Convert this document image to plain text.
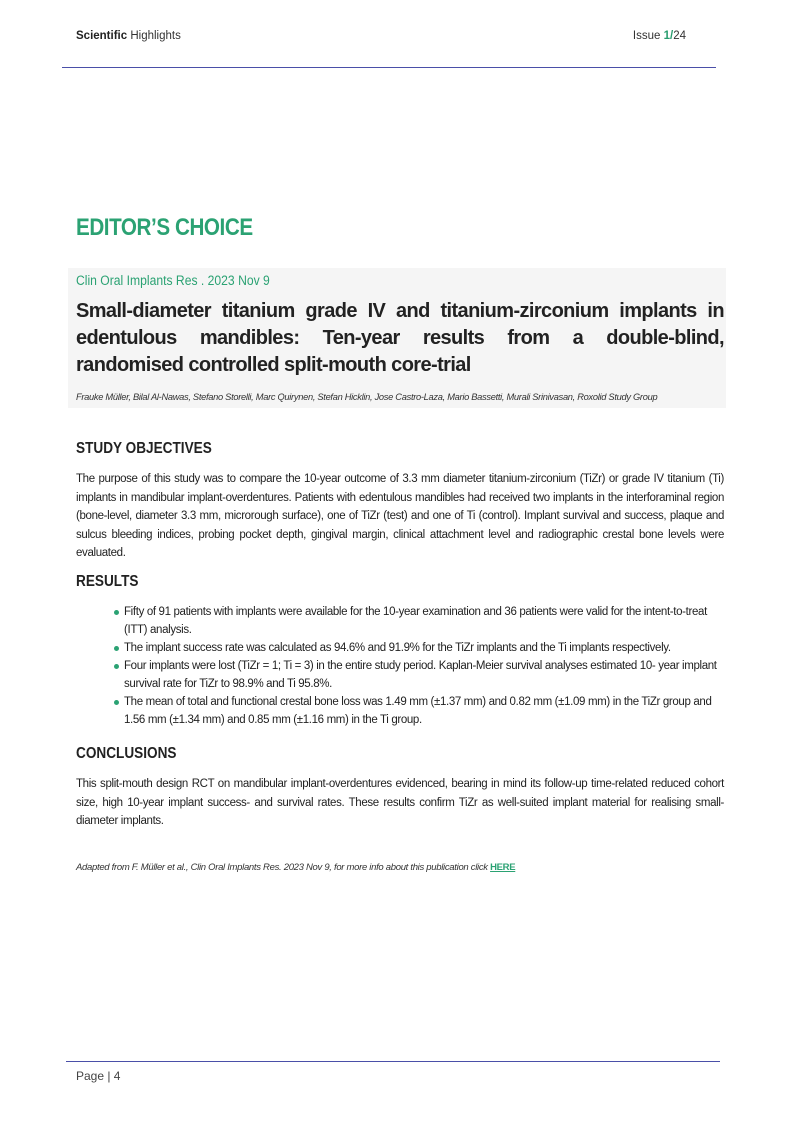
Scientific Highlights	Issue 1/24
EDITOR’S CHOICE
Clin Oral Implants Res . 2023 Nov 9
Small-diameter titanium grade IV and titanium-zirconium implants in edentulous mandibles: Ten-year results from a double-blind, randomised controlled split-mouth core-trial
Frauke Müller, Bilal Al-Nawas, Stefano Storelli, Marc Quirynen, Stefan Hicklin, Jose Castro-Laza, Mario Bassetti, Murali Srinivasan, Roxolid Study Group
STUDY OBJECTIVES

The purpose of this study was to compare the 10-year outcome of 3.3 mm diameter titanium-zirconium (TiZr) or grade IV titanium (Ti) implants in mandibular implant-overdentures. Patients with edentulous mandibles had received two implants in the interforaminal region (bone-level, diameter 3.3 mm, microrough surface), one of TiZr (test) and one of Ti (control). Implant survival and success, plaque and sulcus bleeding indices, probing pocket depth, gingival margin, clinical attachment level and radiographic crestal bone levels were evaluated.

RESULTS
Fifty of 91 patients with implants were available for the 10-year examination and 36 patients were valid for the intent-to-treat (ITT) analysis.
The implant success rate was calculated as 94.6% and 91.9% for the TiZr implants and the Ti implants respectively.
Four implants were lost (TiZr = 1; Ti = 3) in the entire study period. Kaplan-Meier survival analyses estimated 10- year implant survival rate for TiZr to 98.9% and Ti 95.8%.
The mean of total and functional crestal bone loss was 1.49 mm (±1.37 mm) and 0.82 mm (±1.09 mm) in the TiZr group and 1.56 mm (±1.34 mm) and 0.85 mm (±1.16 mm) in the Ti group.
CONCLUSIONS

This split-mouth design RCT on mandibular implant-overdentures evidenced, bearing in mind its follow-up time-related reduced cohort size, high 10-year implant success- and survival rates. These results confirm TiZr as well-suited implant material for realising small-diameter implants.

Adapted from F. Müller et al., Clin Oral Implants Res. 2023 Nov 9, for more info about this publication click HERE
Page | 4
